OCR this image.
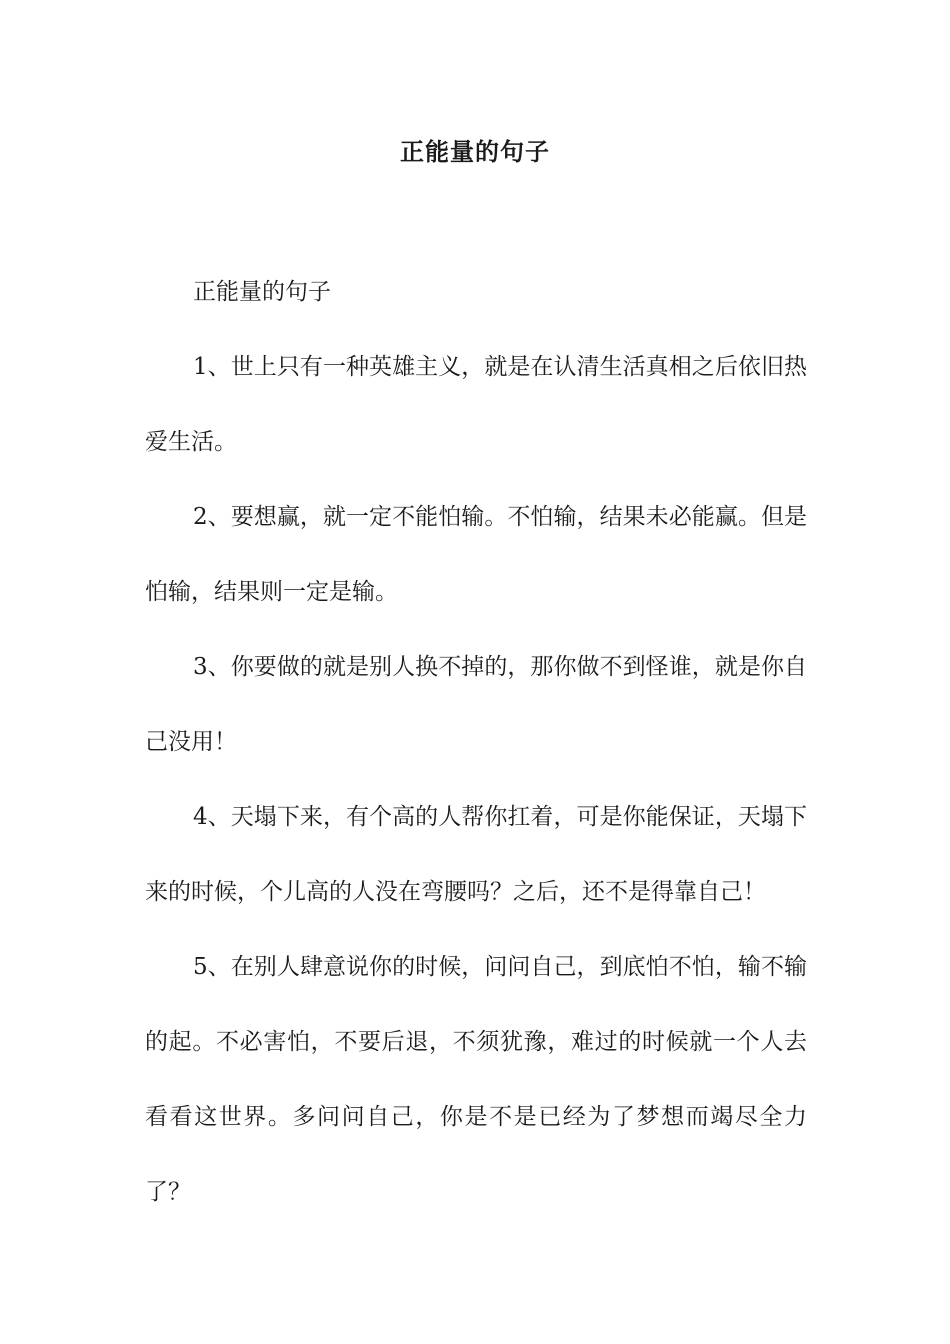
正能量的句子

正能量的句子

1、世上只有一种英雄主义，就是在认清生活真相之后依旧热爱生活。

2、要想赢，就一定不能怕输。不怕输，结果未必能赢。但是怕输，结果则一定是输。

3、你要做的就是别人换不掉的，那你做不到怪谁，就是你自己没用！

4、天塌下来，有个高的人帮你扛着，可是你能保证，天塌下来的时候，个儿高的人没在弯腰吗？之后，还不是得靠自己！

5、在别人肆意说你的时候，问问自己，到底怕不怕，输不输的起。不必害怕，不要后退，不须犹豫，难过的时候就一个人去看看这世界。多问问自己，你是不是已经为了梦想而竭尽全力了？
